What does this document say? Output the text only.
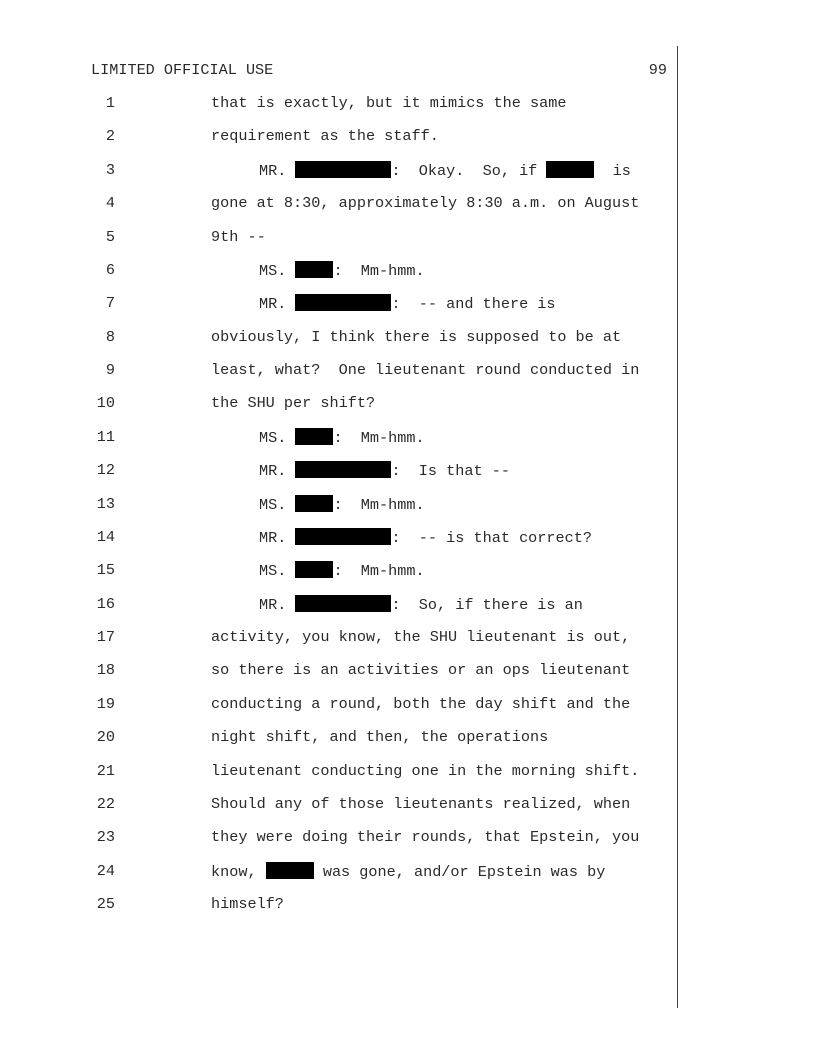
LIMITED OFFICIAL USE	99
1	that is exactly, but it mimics the same
2	requirement as the staff.
3	MR.	:  Okay.  So, if	is
4	gone at 8:30, approximately 8:30 a.m. on August
5	9th --
6	MS.	:  Mm-hmm.
7	MR.	:  -- and there is
8	obviously, I think there is supposed to be at
9	least, what?  One lieutenant round conducted in
10	the SHU per shift?
11	MS.	:  Mm-hmm.
12	MR.	:  Is that --
13	MS.	:  Mm-hmm.
14	MR.	:  -- is that correct?
15	MS.	:  Mm-hmm.
16	MR.	:  So, if there is an
17	activity, you know, the SHU lieutenant is out,
18	so there is an activities or an ops lieutenant
19	conducting a round, both the day shift and the
20	night shift, and then, the operations
21	lieutenant conducting one in the morning shift.
22	Should any of those lieutenants realized, when
23	they were doing their rounds, that Epstein, you
24	know,	was gone, and/or Epstein was by
25	himself?
